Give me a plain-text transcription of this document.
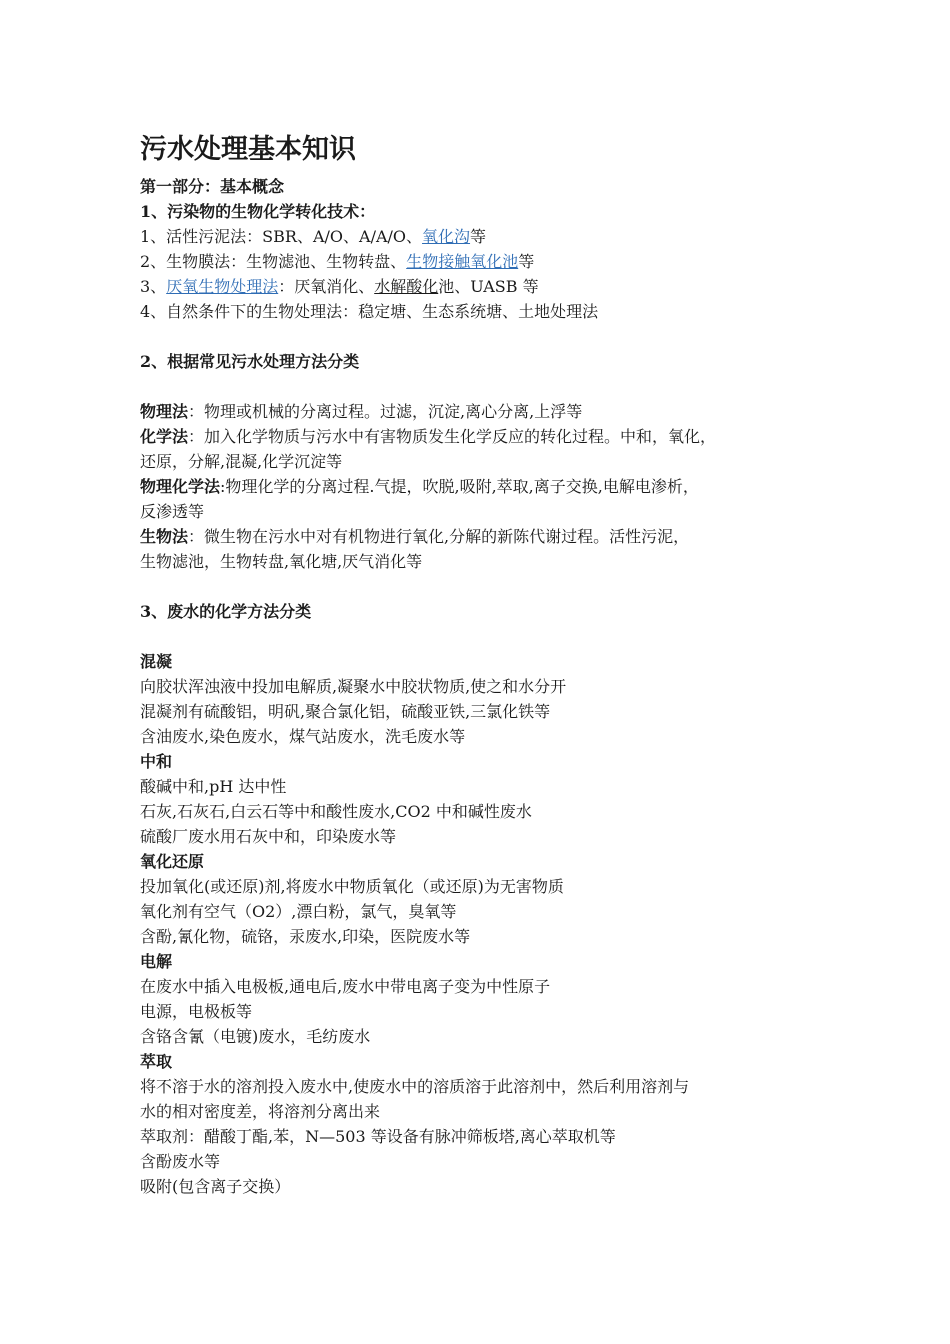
污水处理基本知识
第一部分：基本概念
1、污染物的生物化学转化技术：
1、活性污泥法：SBR、A/O、A/A/O、氧化沟等
2、生物膜法：生物滤池、生物转盘、生物接触氧化池等
3、厌氧生物处理法：厌氧消化、水解酸化池、UASB 等
4、自然条件下的生物处理法：稳定塘、生态系统塘、土地处理法
2、根据常见污水处理方法分类
物理法：物理或机械的分离过程。过滤，沉淀,离心分离,上浮等
化学法：加入化学物质与污水中有害物质发生化学反应的转化过程。中和，氧化，
还原，分解,混凝,化学沉淀等
物理化学法:物理化学的分离过程.气提，吹脱,吸附,萃取,离子交换,电解电渗析，
反渗透等
生物法：微生物在污水中对有机物进行氧化,分解的新陈代谢过程。活性污泥，
生物滤池，生物转盘,氧化塘,厌气消化等
3、废水的化学方法分类
混凝
向胶状浑浊液中投加电解质,凝聚水中胶状物质,使之和水分开
混凝剂有硫酸铝，明矾,聚合氯化铝，硫酸亚铁,三氯化铁等
含油废水,染色废水，煤气站废水，洗毛废水等
中和
酸碱中和,pH 达中性
石灰,石灰石,白云石等中和酸性废水,CO2 中和碱性废水
硫酸厂废水用石灰中和，印染废水等
氧化还原
投加氧化(或还原)剂,将废水中物质氧化（或还原)为无害物质
氧化剂有空气（O2）,漂白粉，氯气，臭氧等
含酚,氰化物，硫铬，汞废水,印染，医院废水等
电解
在废水中插入电极板,通电后,废水中带电离子变为中性原子
电源，电极板等
含铬含氰（电镀)废水，毛纺废水
萃取
将不溶于水的溶剂投入废水中,使废水中的溶质溶于此溶剂中，然后利用溶剂与
水的相对密度差，将溶剂分离出来
萃取剂：醋酸丁酯,苯，N—503 等设备有脉冲筛板塔,离心萃取机等
含酚废水等
吸附(包含离子交换）
